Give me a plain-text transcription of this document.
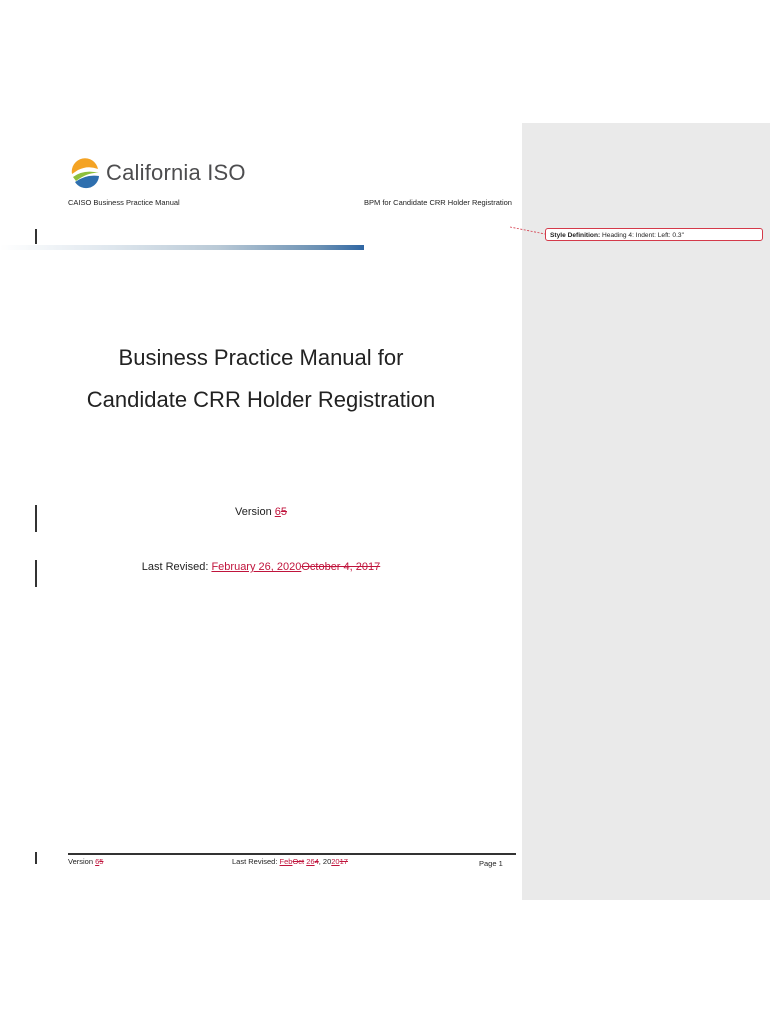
California ISO
CAISO Business Practice Manual	BPM for Candidate CRR Holder Registration
Business Practice Manual for
Candidate CRR Holder Registration
Version 65
Last Revised: February 26, 2020October 4, 2017
Version 65	Last Revised: FebOct 264, 202017	Page 1
Style Definition: Heading 4: Indent: Left: 0.3"
